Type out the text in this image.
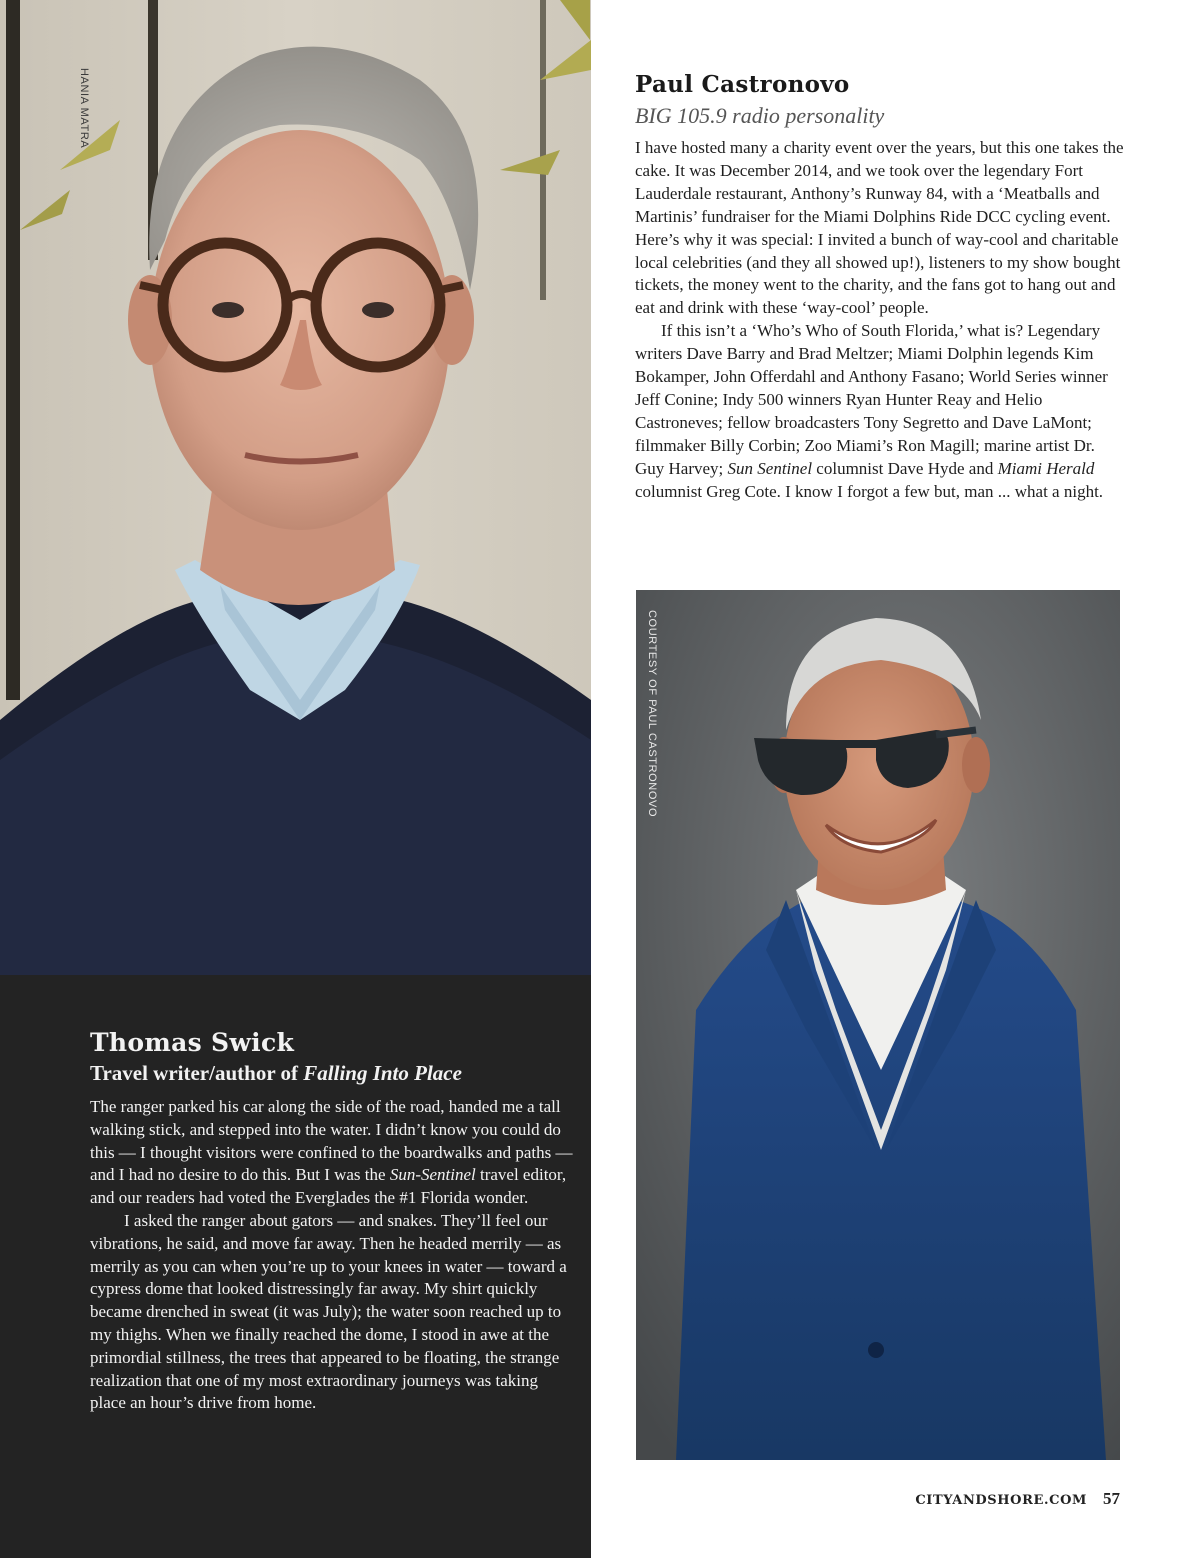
HANIA MATRA
Thomas Swick
Travel writer/author of Falling Into Place

The ranger parked his car along the side of the road, handed me a tall walking stick, and stepped into the water. I didn’t know you could do this — I thought visitors were confined to the boardwalks and paths — and I had no desire to do this. But I was the Sun-Sentinel travel editor, and our readers had voted the Everglades the #1 Florida wonder.

I asked the ranger about gators — and snakes. They’ll feel our vibrations, he said, and move far away. Then he headed merrily — as merrily as you can when you’re up to your knees in water — toward a cypress dome that looked distressingly far away. My shirt quickly became drenched in sweat (it was July); the water soon reached up to my thighs. When we finally reached the dome, I stood in awe at the primordial stillness, the trees that appeared to be floating, the strange realization that one of my most extraordinary journeys was taking place an hour’s drive from home.

Paul Castronovo
BIG 105.9 radio personality

I have hosted many a charity event over the years, but this one takes the cake. It was December 2014, and we took over the legendary Fort Lauderdale restaurant, Anthony’s Runway 84, with a ‘Meatballs and Martinis’ fundraiser for the Miami Dolphins Ride DCC cycling event. Here’s why it was special: I invited a bunch of way-cool and charitable local celebrities (and they all showed up!), listeners to my show bought tickets, the money went to the charity, and the fans got to hang out and eat and drink with these ‘way-cool’ people.

If this isn’t a ‘Who’s Who of South Florida,’ what is? Legendary writers Dave Barry and Brad Meltzer; Miami Dolphin legends Kim Bokamper, John Offerdahl and Anthony Fasano; World Series winner Jeff Conine; Indy 500 winners Ryan Hunter Reay and Helio Castroneves; fellow broadcasters Tony Segretto and Dave LaMont; filmmaker Billy Corbin; Zoo Miami’s Ron Magill; marine artist Dr. Guy Harvey; Sun Sentinel columnist Dave Hyde and Miami Herald columnist Greg Cote. I know I forgot a few but, man ... what a night.

COURTESY OF PAUL CASTRONOVO
CITYANDSHORE.COM 57
